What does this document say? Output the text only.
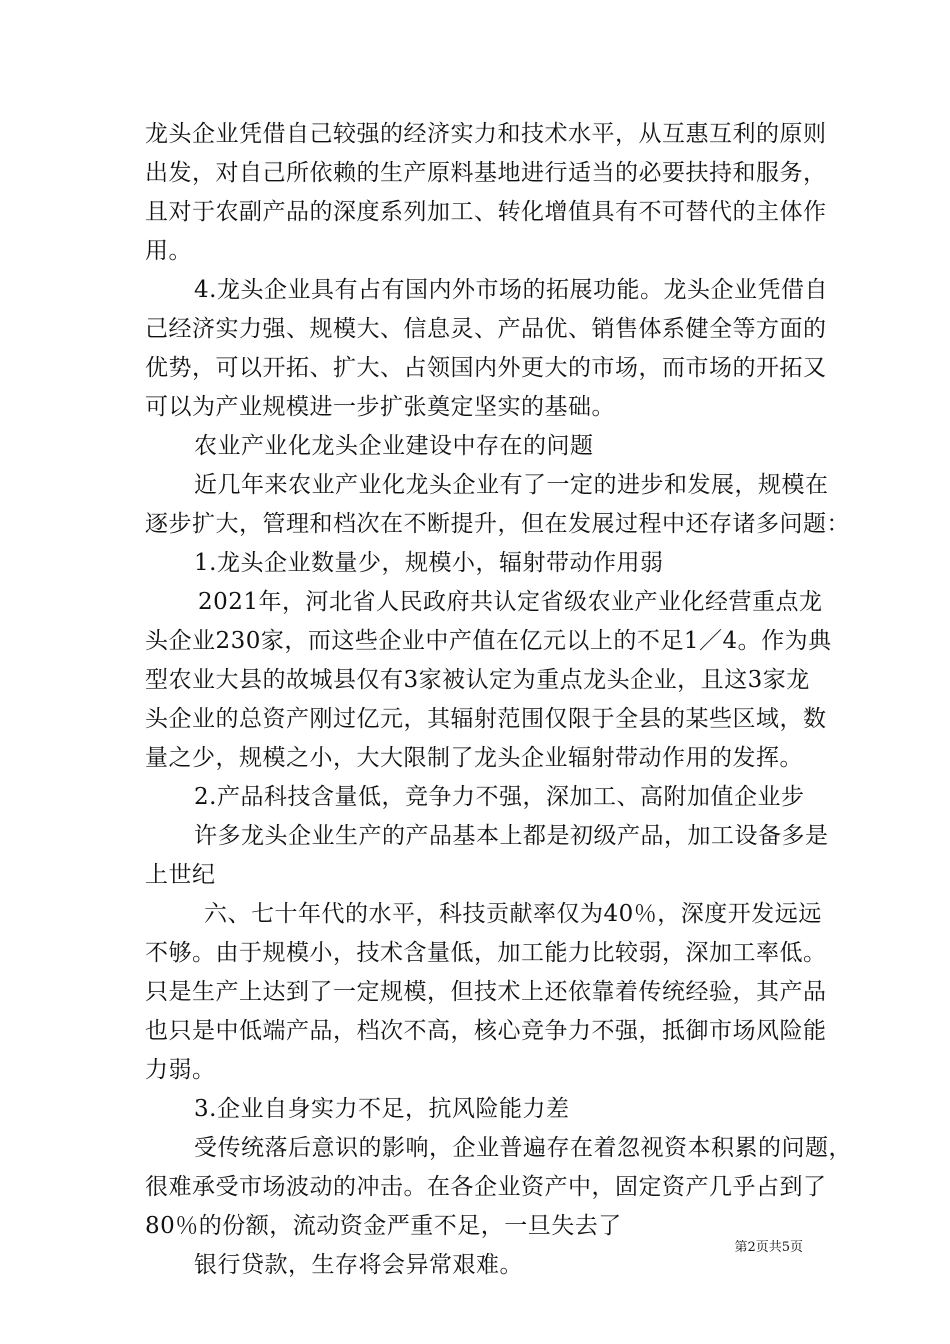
龙头企业凭借自己较强的经济实力和技术水平，从互惠互利的原则
出发，对自己所依赖的生产原料基地进行适当的必要扶持和服务，
且对于农副产品的深度系列加工、转化增值具有不可替代的主体作
用。
4.龙头企业具有占有国内外市场的拓展功能。龙头企业凭借自
己经济实力强、规模大、信息灵、产品优、销售体系健全等方面的
优势，可以开拓、扩大、占领国内外更大的市场，而市场的开拓又
可以为产业规模进一步扩张奠定坚实的基础。
农业产业化龙头企业建设中存在的问题
近几年来农业产业化龙头企业有了一定的进步和发展，规模在
逐步扩大，管理和档次在不断提升，但在发展过程中还存诸多问题：
1.龙头企业数量少，规模小，辐射带动作用弱
2021年，河北省人民政府共认定省级农业产业化经营重点龙
头企业230家，而这些企业中产值在亿元以上的不足1／4。作为典
型农业大县的故城县仅有3家被认定为重点龙头企业，且这3家龙
头企业的总资产刚过亿元，其辐射范围仅限于全县的某些区域，数
量之少，规模之小，大大限制了龙头企业辐射带动作用的发挥。
2.产品科技含量低，竞争力不强，深加工、高附加值企业步
许多龙头企业生产的产品基本上都是初级产品，加工设备多是
上世纪
六、七十年代的水平，科技贡献率仅为40％，深度开发远远
不够。由于规模小，技术含量低，加工能力比较弱，深加工率低。
只是生产上达到了一定规模，但技术上还依靠着传统经验，其产品
也只是中低端产品，档次不高，核心竞争力不强，抵御市场风险能
力弱。
3.企业自身实力不足，抗风险能力差
受传统落后意识的影响，企业普遍存在着忽视资本积累的问题，
很难承受市场波动的冲击。在各企业资产中，固定资产几乎占到了
80％的份额，流动资金严重不足，一旦失去了
银行贷款，生存将会异常艰难。
第2页共5页
